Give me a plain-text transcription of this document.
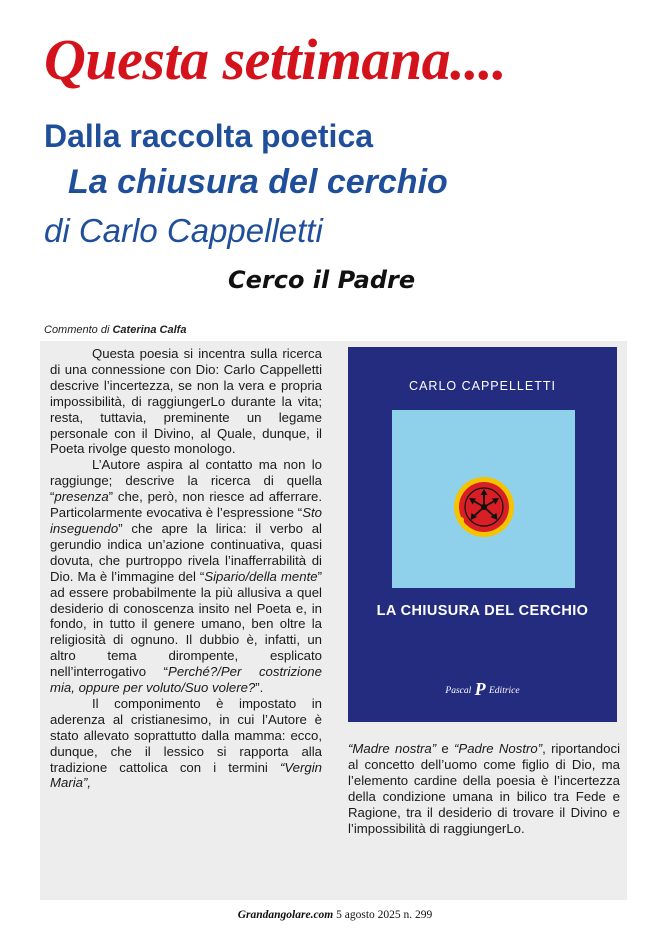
Questa settimana....
Dalla raccolta poetica
La chiusura del cerchio
di Carlo Cappelletti
Cerco il Padre
Commento di Caterina Calfa

Questa poesia si incentra sulla ricerca di una connessione con Dio: Carlo Cappelletti descrive l’incertezza, se non la vera e propria impossibilità, di raggiungerLo durante la vita; resta, tuttavia, preminente un legame personale con il Divino, al Quale, dunque, il Poeta rivolge questo monologo.

L’Autore aspira al contatto ma non lo raggiunge; descrive la ricerca di quella “presenza” che, però, non riesce ad afferrare. Particolarmente evocativa è l’espressione “Sto inseguendo” che apre la lirica: il verbo al gerundio indica un’azione continuativa, quasi dovuta, che purtroppo rivela l’inafferrabilità di Dio. Ma è l’immagine del “Sipario/della mente” ad essere probabilmente la più allusiva a quel desiderio di conoscenza insito nel Poeta e, in fondo, in tutto il genere umano, ben oltre la religiosità di ognuno. Il dubbio è, infatti, un altro tema dirompente, esplicato nell’interrogativo “Perché?/Per costrizione mia, oppure per voluto/Suo volere?”.

Il componimento è impostato in aderenza al cristianesimo, in cui l’Autore è stato allevato soprattutto dalla mamma: ecco, dunque, che il lessico si rapporta alla tradizione cattolica con i termini “Vergin Maria”,

CARLO CAPPELLETTI
LA CHIUSURA DEL CERCHIO
Pascal P Editrice

“Madre nostra” e “Padre Nostro”, riportandoci al concetto dell’uomo come figlio di Dio, ma l’elemento cardine della poesia è l’incertezza della condizione umana in bilico tra Fede e Ragione, tra il desiderio di trovare il Divino e l’impossibilità di raggiungerLo.

Grandangolare.com 5 agosto 2025 n. 299
